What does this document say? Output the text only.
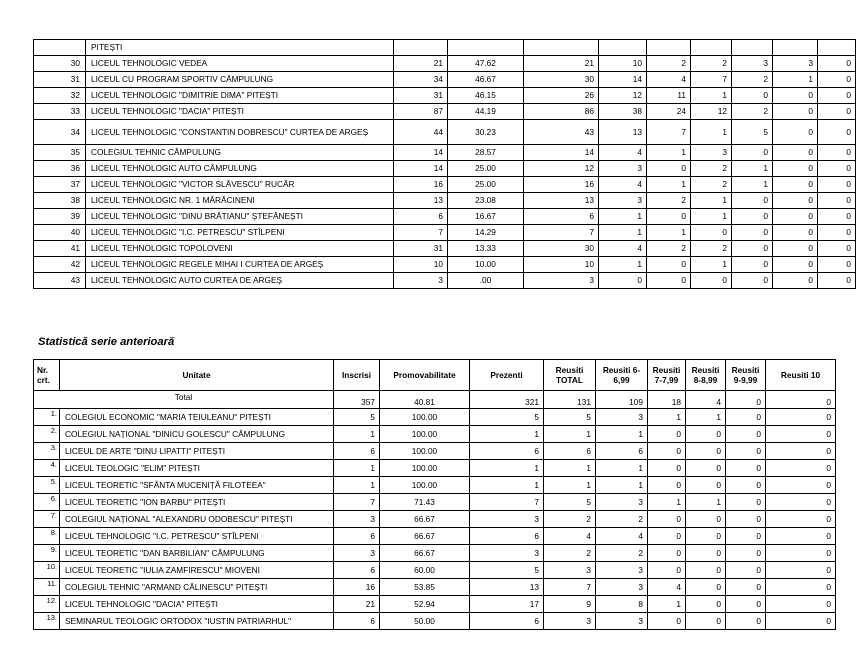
	PITEȘTI									
30	LICEUL TEHNOLOGIC VEDEA	21	47.62	21	10	2	2	3	3	0
31	LICEUL CU PROGRAM SPORTIV CÂMPULUNG	34	46.67	30	14	4	7	2	1	0
32	LICEUL TEHNOLOGIC "DIMITRIE DIMA" PITEȘTI	31	46.15	26	12	11	1	0	0	0
33	LICEUL TEHNOLOGIC "DACIA" PITEȘTI	87	44.19	86	38	24	12	2	0	0
34	LICEUL TEHNOLOGIC "CONSTANTIN DOBRESCU" CURTEA DE ARGEȘ	44	30.23	43	13	7	1	5	0	0
35	COLEGIUL TEHNIC CÂMPULUNG	14	28.57	14	4	1	3	0	0	0
36	LICEUL TEHNOLOGIC AUTO CÂMPULUNG	14	25.00	12	3	0	2	1	0	0
37	LICEUL TEHNOLOGIC "VICTOR SLĂVESCU" RUCĂR	16	25.00	16	4	1	2	1	0	0
38	LICEUL TEHNOLOGIC NR. 1 MĂRĂCINENI	13	23.08	13	3	2	1	0	0	0
39	LICEUL TEHNOLOGIC "DINU BRĂTIANU" ȘTEFĂNEȘTI	6	16.67	6	1	0	1	0	0	0
40	LICEUL TEHNOLOGIC "I.C. PETRESCU" STÎLPENI	7	14.29	7	1	1	0	0	0	0
41	LICEUL TEHNOLOGIC TOPOLOVENI	31	13.33	30	4	2	2	0	0	0
42	LICEUL TEHNOLOGIC REGELE MIHAI I CURTEA DE ARGEȘ	10	10.00	10	1	0	1	0	0	0
43	LICEUL TEHNOLOGIC AUTO CURTEA DE ARGEȘ	3	.00	3	0	0	0	0	0	0
Statistică serie anterioară
Nr. crt.	Unitate	Inscrisi	Promovabilitate	Prezenti	Reusiti TOTAL	Reusiti 6-6,99	Reusiti 7-7,99	Reusiti 8-8,99	Reusiti 9-9,99	Reusiti 10
Total		357	40.81	321	131	109	18	4	0	0
1.	COLEGIUL ECONOMIC "MARIA TEIULEANU" PITEȘTI	5	100.00	5	5	3	1	1	0	0
2.	COLEGIUL NAȚIONAL "DINICU GOLESCU" CÂMPULUNG	1	100.00	1	1	1	0	0	0	0
3.	LICEUL DE ARTE "DINU LIPATTI" PITEȘTI	6	100.00	6	6	6	0	0	0	0
4.	LICEUL TEOLOGIC "ELIM" PITEȘTI	1	100.00	1	1	1	0	0	0	0
5.	LICEUL TEORETIC "SFÂNTA MUCENIȚĂ FILOTEEA"	1	100.00	1	1	1	0	0	0	0
6.	LICEUL TEORETIC "ION BARBU" PITEȘTI	7	71.43	7	5	3	1	1	0	0
7.	COLEGIUL NAȚIONAL "ALEXANDRU ODOBESCU" PITEȘTI	3	66.67	3	2	2	0	0	0	0
8.	LICEUL TEHNOLOGIC "I.C. PETRESCU" STÎLPENI	6	66.67	6	4	4	0	0	0	0
9.	LICEUL TEORETIC "DAN BARBILIAN" CÂMPULUNG	3	66.67	3	2	2	0	0	0	0
10.	LICEUL TEORETIC "IULIA ZAMFIRESCU" MIOVENI	6	60.00	5	3	3	0	0	0	0
11.	COLEGIUL TEHNIC "ARMAND CĂLINESCU" PITEȘTI	16	53.85	13	7	3	4	0	0	0
12.	LICEUL TEHNOLOGIC "DACIA" PITEȘTI	21	52.94	17	9	8	1	0	0	0
13.	SEMINARUL TEOLOGIC ORTODOX "IUSTIN PATRIARHUL"	6	50.00	6	3	3	0	0	0	0
